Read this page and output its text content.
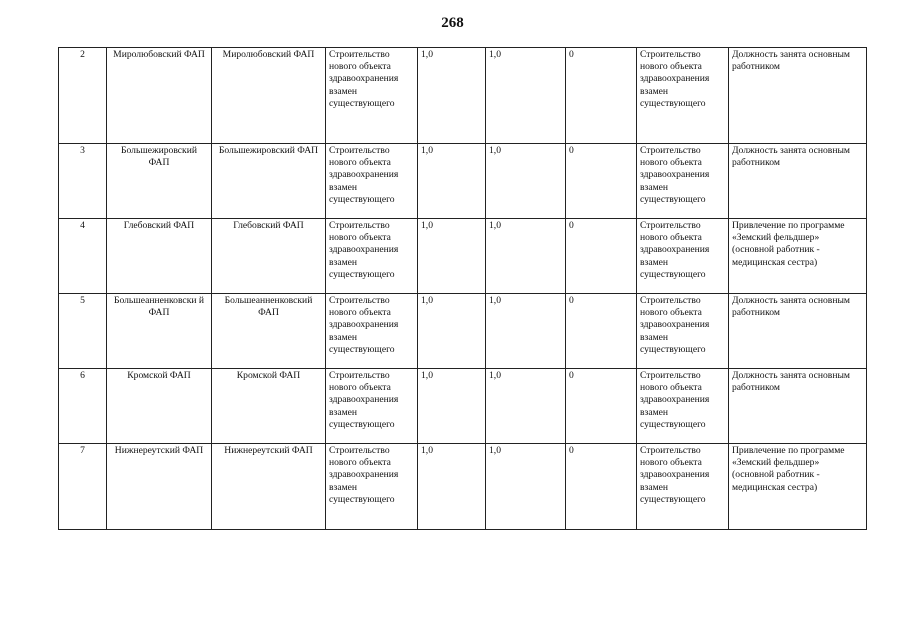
268
2	Миролюбовский ФАП	Миролюбовский ФАП	Строительство нового объекта здравоохранения взамен существующего	1,0	1,0	0	Строительство нового объекта здравоохранения взамен существующего	Должность занята основным работником
3	Большежировский ФАП	Большежировский ФАП	Строительство нового объекта здравоохранения взамен существующего	1,0	1,0	0	Строительство нового объекта здравоохранения взамен существующего	Должность занята основным работником
4	Глебовский ФАП	Глебовский ФАП	Строительство нового объекта здравоохранения взамен существующего	1,0	1,0	0	Строительство нового объекта здравоохранения взамен существующего	Привлечение по программе «Земский фельдшер» (основной работник - медицинская сестра)
5	Большеанненковски й ФАП	Большеанненковский ФАП	Строительство нового объекта здравоохранения взамен существующего	1,0	1,0	0	Строительство нового объекта здравоохранения взамен существующего	Должность занята основным работником
6	Кромской ФАП	Кромской ФАП	Строительство нового объекта здравоохранения взамен существующего	1,0	1,0	0	Строительство нового объекта здравоохранения взамен существующего	Должность занята основным работником
7	Нижнереутский ФАП	Нижнереутский ФАП	Строительство нового объекта здравоохранения взамен существующего	1,0	1,0	0	Строительство нового объекта здравоохранения взамен существующего	Привлечение по программе «Земский фельдшер» (основной работник - медицинская сестра)
